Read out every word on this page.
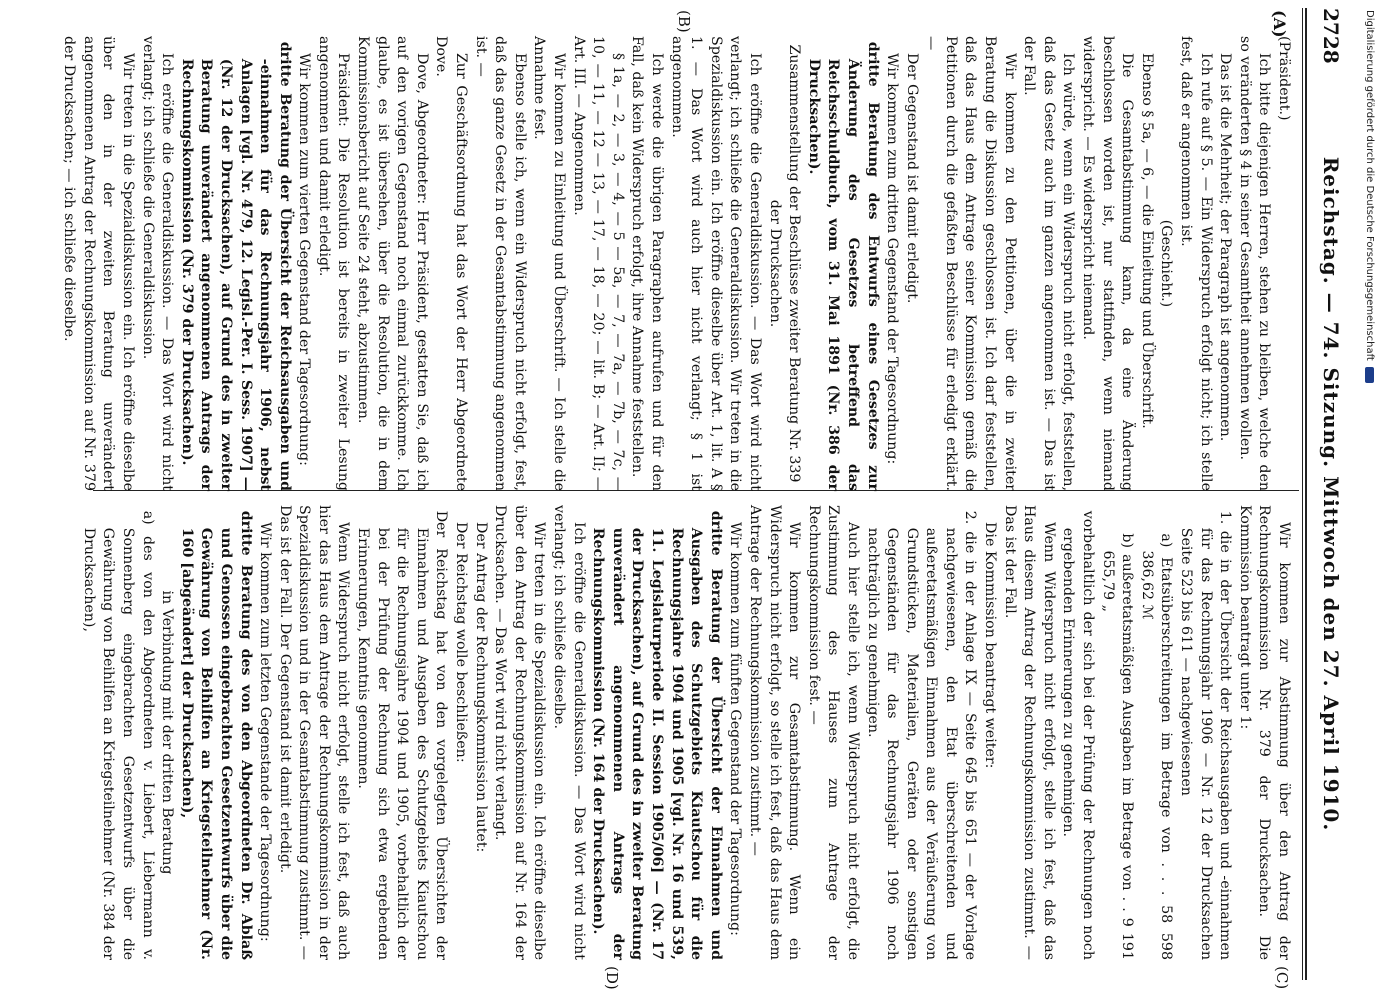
2728
Reichstag. — 74. Sitzung. Mittwoch den 27. April 1910.
(A)
(B)

(Präsident.)

Ich bitte diejenigen Herren, stehen zu bleiben, welche den so veränderten § 4 in seiner Gesamtheit annehmen wollen.

Das ist die Mehrheit; der Paragraph ist angenommen.

Ich rufe auf § 5. — Ein Widerspruch erfolgt nicht; ich stelle fest, daß er angenommen ist.

(Geschieht.)

Ebenso § 5a, — 6, — die Einleitung und Überschrift.

Die Gesamtabstimmung kann, da eine Änderung beschlossen worden ist, nur stattfinden, wenn niemand widerspricht. — Es widerspricht niemand.

Ich würde, wenn ein Widerspruch nicht erfolgt, feststellen, daß das Gesetz auch im ganzen angenommen ist. — Das ist der Fall.

Wir kommen zu den Petitionen, über die in zweiter Beratung die Diskussion geschlossen ist. Ich darf feststellen, daß das Haus dem Antrage seiner Kommission gemäß die Petitionen durch die gefaßten Beschlüsse für erledigt erklärt. —

Der Gegenstand ist damit erledigt.

Wir kommen zum dritten Gegenstand der Tagesordnung:

dritte Beratung des Entwurfs eines Gesetzes zur Änderung des Gesetzes betreffend das Reichsschuldbuch, vom 31. Mai 1891 (Nr. 386 der Drucksachen).

Zusammenstellung der Beschlüsse zweiter Beratung Nr. 339 der Drucksachen.

Ich eröffne die Generaldiskussion. — Das Wort wird nicht verlangt; ich schließe die Generaldiskussion. Wir treten in die Spezialdiskussion ein. Ich eröffne dieselbe über Art. 1, lit. A § 1. — Das Wort wird auch hier nicht verlangt; § 1 ist angenommen.

Ich werde die übrigen Paragraphen aufrufen und für den Fall, daß kein Widerspruch erfolgt, ihre Annahme feststellen.

§ 1a, — 2, — 3, — 4, — 5 — 5a, — 7, — 7a, — 7b, — 7c, — 10, — 11, — 12 — 13, — 17, — 18, — 20; — lit. B; — Art. II; — Art. III. — Angenommen.

Wir kommen zu Einleitung und Überschrift. — Ich stelle die Annahme fest.

Ebenso stelle ich, wenn ein Widerspruch nicht erfolgt, fest, daß das ganze Gesetz in der Gesamtabstimmung angenommen ist. —

Zur Geschäftsordnung hat das Wort der Herr Abgeordnete Dove.

Dove, Abgeordneter: Herr Präsident, gestatten Sie, daß ich auf den vorigen Gegenstand noch einmal zurückkomme. Ich glaube, es ist übersehen, über die Resolution, die in dem Kommissionsbericht auf Seite 24 steht, abzustimmen.

Präsident: Die Resolution ist bereits in zweiter Lesung angenommen und damit erledigt.

Wir kommen zum vierten Gegenstand der Tagesordnung:

dritte Beratung der Übersicht der Reichsausgaben und -einnahmen für das Rechnungsjahr 1906, nebst Anlagen [vgl. Nr. 479, 12. Legisl.-Per. I. Sess. 1907] — (Nr. 12 der Drucksachen), auf Grund des in zweiter Beratung unverändert angenommenen Antrags der Rechnungskommission (Nr. 379 der Drucksachen).

Ich eröffne die Generaldiskussion. — Das Wort wird nicht verlangt; ich schließe die Generaldiskussion.

Wir treten in die Spezialdiskussion ein. Ich eröffne dieselbe über den in der zweiten Beratung unverändert angenommenen Antrag der Rechnungskommission auf Nr. 379 der Drucksachen; — ich schließe dieselbe.

(C)
(D)

Wir kommen zur Abstimmung über den Antrag der Rechnungskommission Nr. 379 der Drucksachen. Die Kommission beantragt unter 1:

1. die in der Übersicht der Reichsausgaben und -einnahmen für das Rechnungsjahr 1906 — Nr. 12 der Drucksachen Seite 523 bis 611 — nachgewiesenen

a) Etatsüberschreitungen im Betrage von . . . 58 598 386,62 ℳ

b) außeretatsmäßigen Ausgaben im Betrage von . . 9 191 655,79 „

vorbehaltlich der sich bei der Prüfung der Rechnungen noch ergebenden Erinnerungen zu genehmigen.

Wenn Widerspruch nicht erfolgt, stelle ich fest, daß das Haus diesem Antrag der Rechnungskommission zustimmt. — Das ist der Fall.

Die Kommission beantragt weiter:

2. die in der Anlage IX — Seite 645 bis 651 — der Vorlage nachgewiesenen, den Etat überschreitenden und außeretatsmäßigen Einnahmen aus der Veräußerung von Grundstücken, Materialien, Geräten oder sonstigen Gegenständen für das Rechnungsjahr 1906 noch nachträglich zu genehmigen.

Auch hier stelle ich, wenn Widerspruch nicht erfolgt, die Zustimmung des Hauses zum Antrage der Rechnungskommission fest. —

Wir kommen zur Gesamtabstimmung. Wenn ein Widerspruch nicht erfolgt, so stelle ich fest, daß das Haus dem Antrage der Rechnungskommission zustimmt. —

Wir kommen zum fünften Gegenstand der Tagesordnung:

dritte Beratung der Übersicht der Einnahmen und Ausgaben des Schutzgebiets Kiautschou für die Rechnungsjahre 1904 und 1905 [vgl. Nr. 16 und 539, 11. Legislaturperiode II. Session 1905/06] — (Nr. 17 der Drucksachen), auf Grund des in zweiter Beratung unverändert angenommenen Antrags der Rechnungskommission (Nr. 164 der Drucksachen).

Ich eröffne die Generaldiskussion. — Das Wort wird nicht verlangt; ich schließe dieselbe.

Wir treten in die Spezialdiskussion ein. Ich eröffne dieselbe über den Antrag der Rechnungskommission auf Nr. 164 der Drucksachen. — Das Wort wird nicht verlangt.

Der Antrag der Rechnungskommission lautet:

Der Reichstag wolle beschließen:

Der Reichstag hat von den vorgelegten Übersichten der Einnahmen und Ausgaben des Schutzgebiets Kiautschou für die Rechnungsjahre 1904 und 1905, vorbehaltlich der bei der Prüfung der Rechnung sich etwa ergebenden Erinnerungen, Kenntnis genommen.

Wenn Widerspruch nicht erfolgt, stelle ich fest, daß auch hier das Haus dem Antrage der Rechnungskommission in der Spezialdiskussion und in der Gesamtabstimmung zustimmt. — Das ist der Fall. Der Gegenstand ist damit erledigt.

Wir kommen zum letzten Gegenstande der Tagesordnung:

dritte Beratung des von den Abgeordneten Dr. Ablaß und Genossen eingebrachten Gesetzentwurfs über die Gewährung von Beihilfen an Kriegsteilnehmer (Nr. 160 [abgeändert] der Drucksachen),

in Verbindung mit der dritten Beratung

a) des von den Abgeordneten v. Liebert, Liebermann v. Sonnenberg eingebrachten Gesetzentwurfs über die Gewährung von Beihilfen an Kriegsteilnehmer (Nr. 384 der Drucksachen),

Digitalisierung gefördert durch die Deutsche Forschungsgemeinschaft
